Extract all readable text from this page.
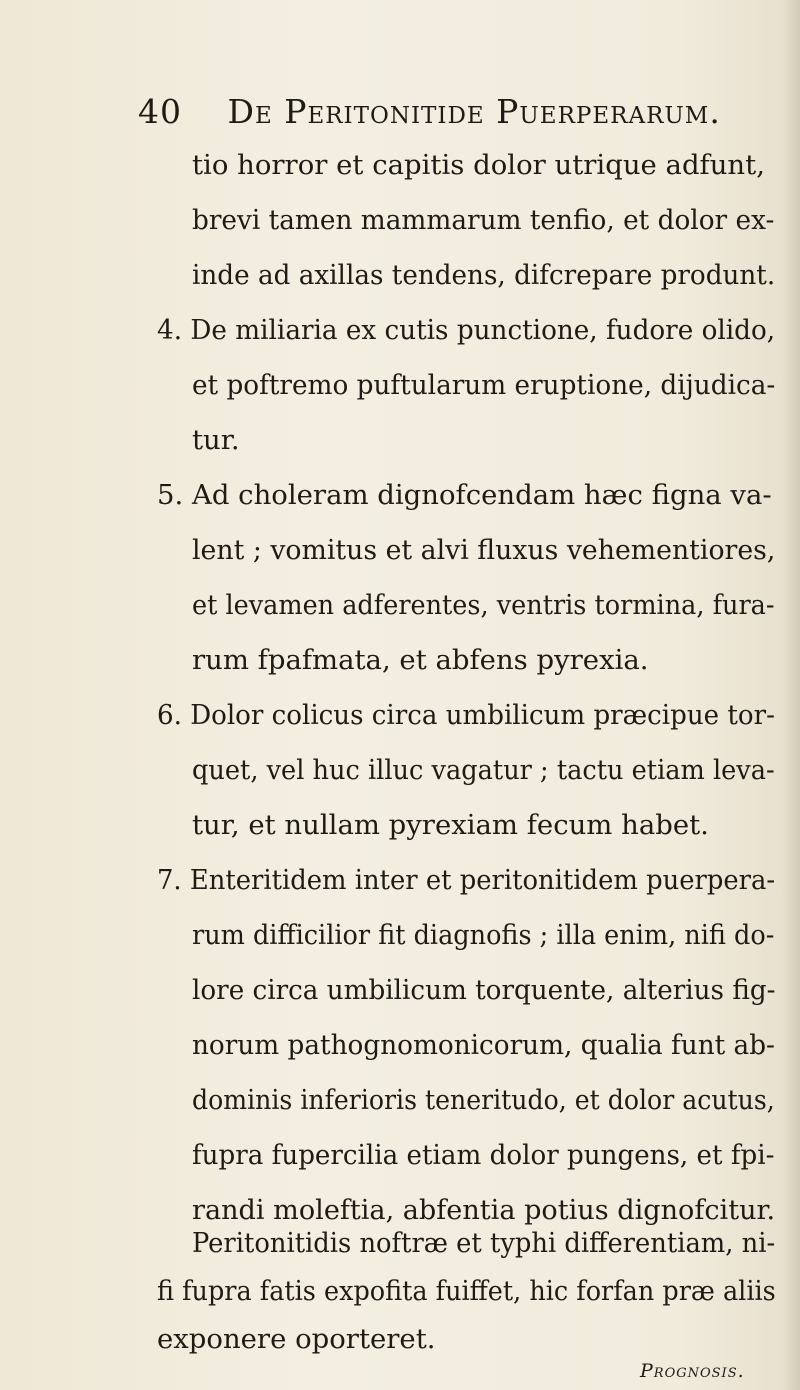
40 De Peritonitide Puerperarum.
tio horror et capitis dolor utrique adfunt,
brevi tamen mammarum tenfio, et dolor ex-
inde ad axillas tendens, difcrepare produnt.
4. De miliaria ex cutis punctione, fudore olido,
et poftremo puftularum eruptione, dijudica-
tur.
5. Ad choleram dignofcendam hæc figna va-
lent ; vomitus et alvi fluxus vehementiores,
et levamen adferentes, ventris tormina, fura-
rum fpafmata, et abfens pyrexia.
6. Dolor colicus circa umbilicum præcipue tor-
quet, vel huc illuc vagatur ; tactu etiam leva-
tur, et nullam pyrexiam fecum habet.
7. Enteritidem inter et peritonitidem puerpera-
rum difficilior fit diagnofis ; illa enim, nifi do-
lore circa umbilicum torquente, alterius fig-
norum pathognomonicorum, qualia funt ab-
dominis inferioris teneritudo, et dolor acutus,
fupra fupercilia etiam dolor pungens, et fpi-
randi moleftia, abfentia potius dignofcitur.
Peritonitidis noftræ et typhi differentiam, ni-
fi fupra fatis expofita fuiffet, hic forfan præ aliis
exponere oporteret.
Prognosis.
